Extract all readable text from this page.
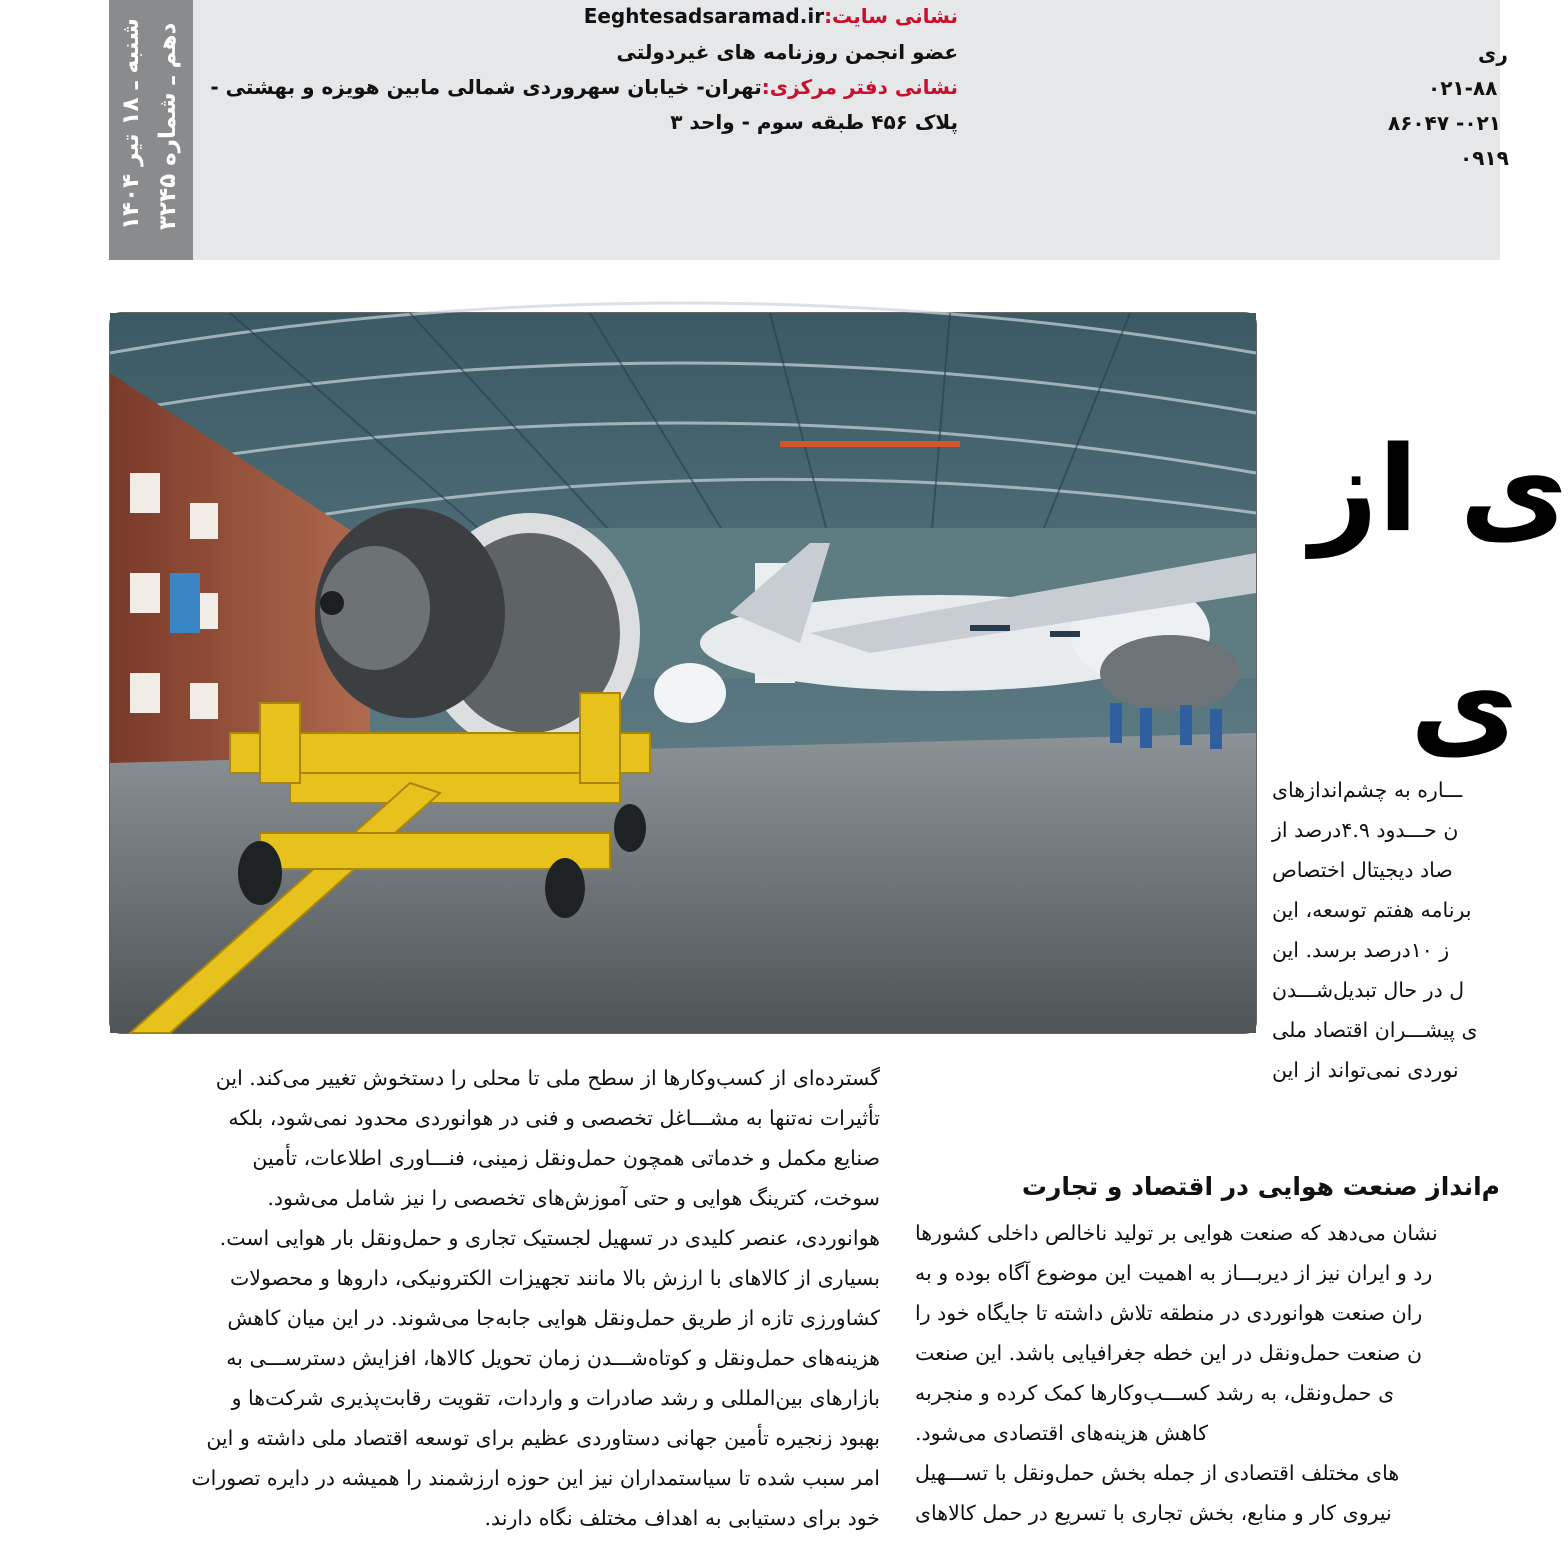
شنبه ـ ۱۸ تیر ۱۴۰۴
دهم ـ شماره ۳۲۴۵
نشانی سایت:Eeghtesadsaramad.ir
عضو انجمن روزنامه های غیردولتی
نشانی دفتر مرکزی:تهران- خیابان سهروردی شمالی مابین هویزه و بهشتی -
پلاک ۴۵۶ طبقه سوم - واحد ۳
ری
۰۲۱-۸۸
۰۲۱- ۸۶۰۴۷
۰۹۱۹
ی از
ی

ـــاره به چشم‌اندازهای

ن حـــدود ۴.۹درصد از

صاد دیجیتال اختصاص

برنامه هفتم توسعه، این

ز ۱۰درصد برسد. این

ل در حال تبدیل‌شـــدن

ی پیشـــران اقتصاد ملی

نوردی نمی‌تواند از این

م‌انداز صنعت هوایی در اقتصاد و تجارت

نشان می‌دهد که صنعت هوایی بر تولید ناخالص داخلی کشورها

رد و ایران نیز از دیربـــاز به اهمیت این موضوع آگاه بوده و به

ران صنعت هوانوردی در منطقه تلاش داشته تا جایگاه خود را

ن صنعت حمل‌ونقل در این خطه جغرافیایی باشد. این صنعت

ی حمل‌ونقل، به رشد کســـب‌وکارها کمک کرده و منجربه

کاهش هزینه‌های اقتصادی می‌شود.

های مختلف اقتصادی از جمله بخش حمل‌ونقل با تســـهیل

نیروی کار و منابع، بخش تجاری با تسریع در حمل کالاهای

گسترده‌ای از کسب‌وکارها از سطح ملی تا محلی را دستخوش تغییر می‌کند. این

تأثیرات نه‌تنها به مشـــاغل تخصصی و فنی در هوانوردی محدود نمی‌شود، بلکه

صنایع مکمل و خدماتی همچون حمل‌ونقل زمینی، فنـــاوری اطلاعات، تأمین

سوخت، کترینگ هوایی و حتی آموزش‌های تخصصی را نیز شامل می‌شود.

هوانوردی، عنصر کلیدی در تسهیل لجستیک تجاری و حمل‌ونقل بار هوایی است.

بسیاری از کالاهای با ارزش بالا مانند تجهیزات الکترونیکی، داروها و محصولات

کشاورزی تازه از طریق حمل‌ونقل هوایی جابه‌جا می‌شوند. در این میان کاهش

هزینه‌های حمل‌ونقل و کوتاه‌شـــدن زمان تحویل کالاها، افزایش دسترســـی به

بازارهای بین‌المللی و رشد صادرات و واردات، تقویت رقابت‌پذیری شرکت‌ها و

بهبود زنجیره تأمین جهانی دستاوردی عظیم برای توسعه اقتصاد ملی داشته و این

امر سبب شده تا سیاستمداران نیز این حوزه ارزشمند را همیشه در دایره تصورات

خود برای دستیابی به اهداف مختلف نگاه دارند.
